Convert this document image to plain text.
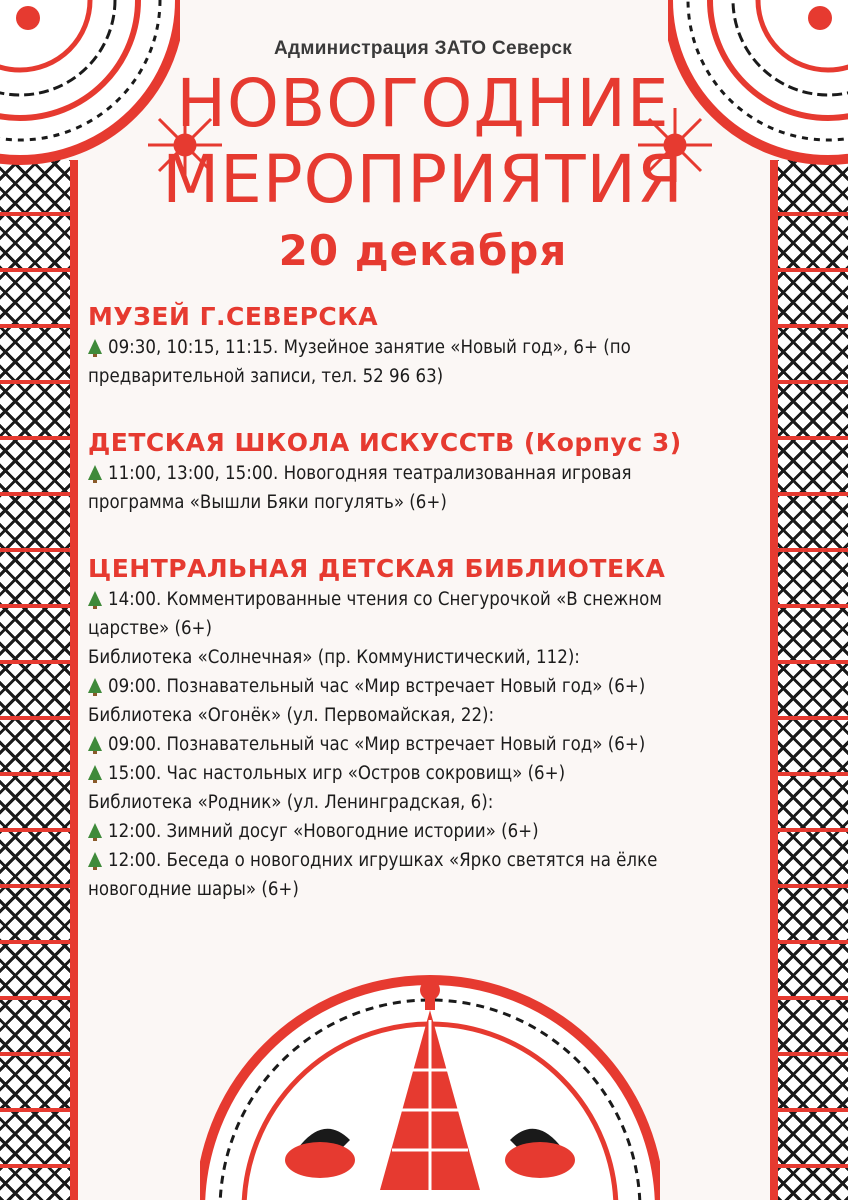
Администрация ЗАТО Северск
НОВОГОДНИЕ
МЕРОПРИЯТИЯ
20 декабря
МУЗЕЙ Г.СЕВЕРСКА
09:30, 10:15, 11:15. Музейное занятие «Новый год», 6+ (по
предварительной записи, тел. 52 96 63)
ДЕТСКАЯ ШКОЛА ИСКУССТВ (Корпус 3)
11:00, 13:00, 15:00. Новогодняя театрализованная игровая
программа «Вышли Бяки погулять» (6+)
ЦЕНТРАЛЬНАЯ ДЕТСКАЯ БИБЛИОТЕКА
14:00. Комментированные чтения со Снегурочкой «В снежном
царстве» (6+)
Библиотека «Солнечная» (пр. Коммунистический, 112):
09:00. Познавательный час «Мир встречает Новый год» (6+)
Библиотека «Огонёк» (ул. Первомайская, 22):
09:00. Познавательный час «Мир встречает Новый год» (6+)
15:00. Час настольных игр «Остров сокровищ» (6+)
Библиотека «Родник» (ул. Ленинградская, 6):
12:00. Зимний досуг «Новогодние истории» (6+)
12:00. Беседа о новогодних игрушках «Ярко светятся на ёлке
новогодние шары» (6+)
